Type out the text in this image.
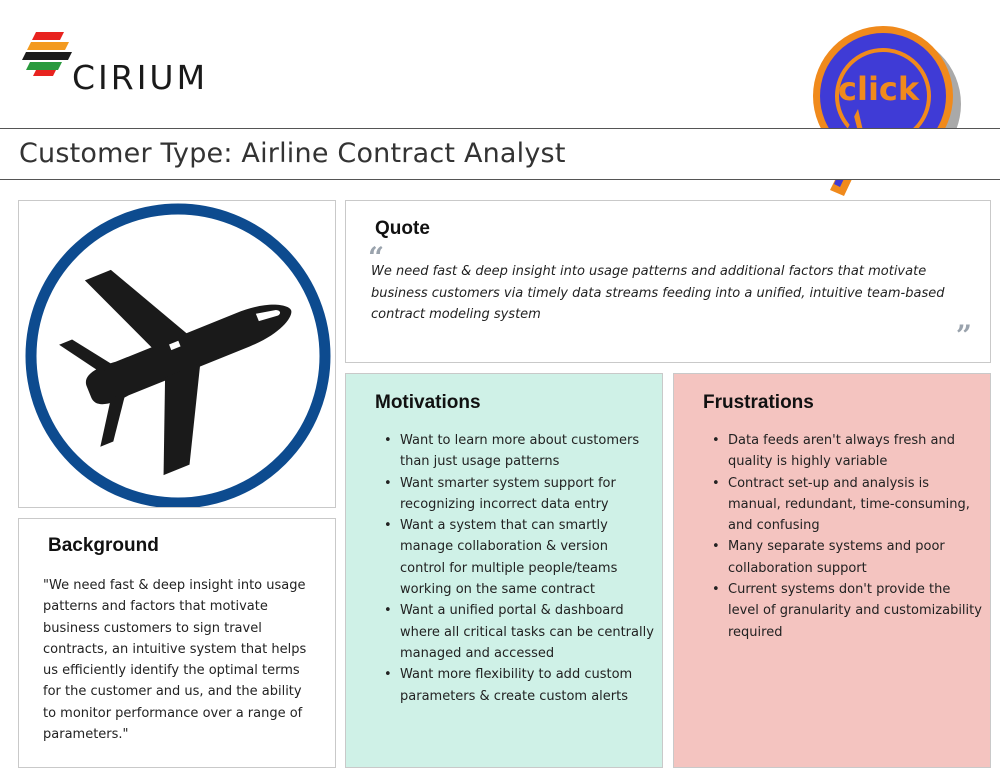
CIRIUM	click
Customer Type: Airline Contract Analyst
Background

"We need fast & deep insight into usage patterns and factors that motivate business customers to sign travel contracts, an intuitive system that helps us efficiently identify the optimal terms for the customer and us, and the ability to monitor performance over a range of parameters."

Quote
“

We need fast & deep insight into usage patterns and additional factors that motivate business customers via timely data streams feeding into a unified, intuitive team-based contract modeling system

”
Motivations
• Want to learn more about customers than just usage patterns
• Want smarter system support for recognizing incorrect data entry
• Want a system that can smartly manage collaboration & version control for multiple people/teams working on the same contract
• Want a unified portal & dashboard where all critical tasks can be centrally managed and accessed
• Want more flexibility to add custom parameters & create custom alerts
Frustrations
• Data feeds aren't always fresh and quality is highly variable
• Contract set-up and analysis is manual, redundant, time-consuming, and confusing
• Many separate systems and poor collaboration support
• Current systems don't provide the level of granularity and customizability required
